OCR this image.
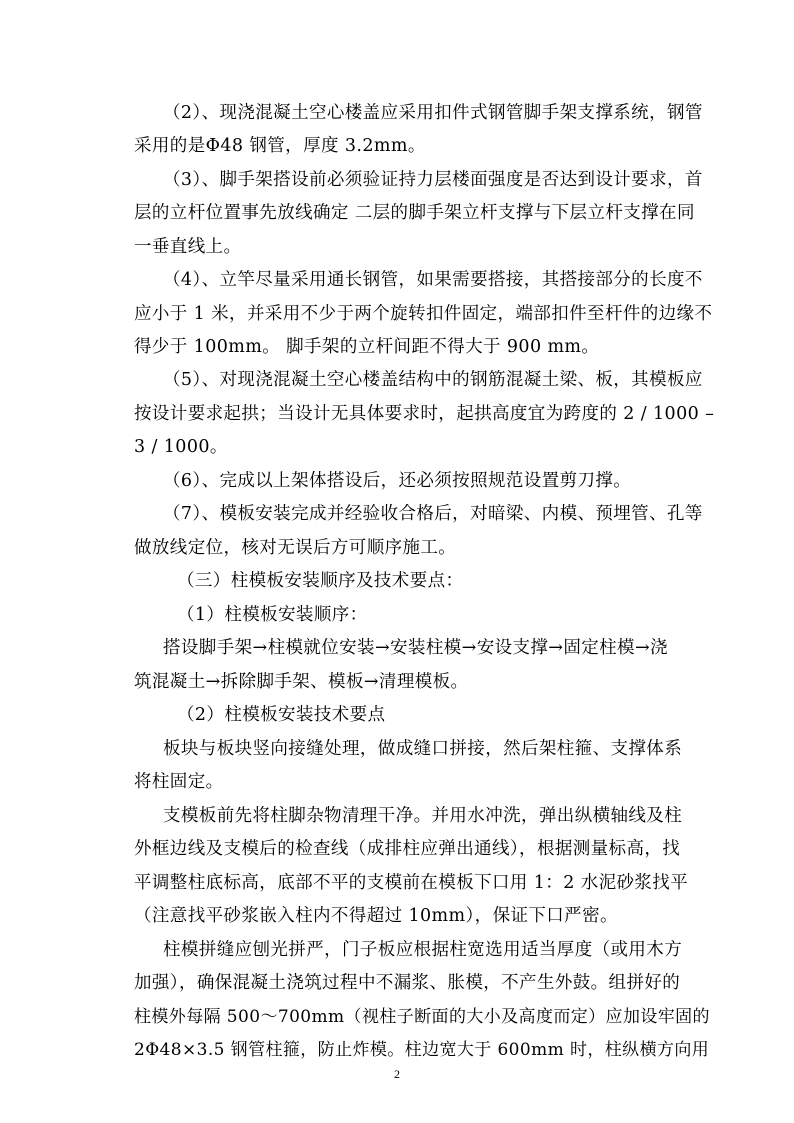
（2）、现浇混凝土空心楼盖应采用扣件式钢管脚手架支撑系统，钢管
采用的是Φ48 钢管，厚度 3.2mm。
（3）、脚手架搭设前必须验证持力层楼面强度是否达到设计要求，首
层的立杆位置事先放线确定 二层的脚手架立杆支撑与下层立杆支撑在同
一垂直线上。
（4）、立竿尽量采用通长钢管，如果需要搭接，其搭接部分的长度不
应小于 1 米，并采用不少于两个旋转扣件固定，端部扣件至杆件的边缘不
得少于 100mm。 脚手架的立杆间距不得大于 900 mm。
（5）、对现浇混凝土空心楼盖结构中的钢筋混凝土梁、板，其模板应
按设计要求起拱；当设计无具体要求时，起拱高度宜为跨度的 2 / 1000 –
3 / 1000。
（6）、完成以上架体搭设后，还必须按照规范设置剪刀撑。
（7）、模板安装完成并经验收合格后，对暗梁、内模、预埋管、孔等
做放线定位，核对无误后方可顺序施工。
（三）柱模板安装顺序及技术要点：
（1）柱模板安装顺序：
搭设脚手架→柱模就位安装→安装柱模→安设支撑→固定柱模→浇
筑混凝土→拆除脚手架、模板→清理模板。
（2）柱模板安装技术要点
板块与板块竖向接缝处理，做成缝口拼接，然后架柱箍、支撑体系
将柱固定。
支模板前先将柱脚杂物清理干净。并用水冲洗，弹出纵横轴线及柱
外框边线及支模后的检查线（成排柱应弹出通线），根据测量标高，找
平调整柱底标高，底部不平的支模前在模板下口用 1：2 水泥砂浆找平
（注意找平砂浆嵌入柱内不得超过 10mm），保证下口严密。
柱模拼缝应刨光拼严，门子板应根据柱宽选用适当厚度（或用木方
加强），确保混凝土浇筑过程中不漏浆、胀模，不产生外鼓。组拼好的
柱模外每隔 500～700mm（视柱子断面的大小及高度而定）应加设牢固的
2Φ48×3.5 钢管柱箍，防止炸模。柱边宽大于 600mm 时，柱纵横方向用
2
